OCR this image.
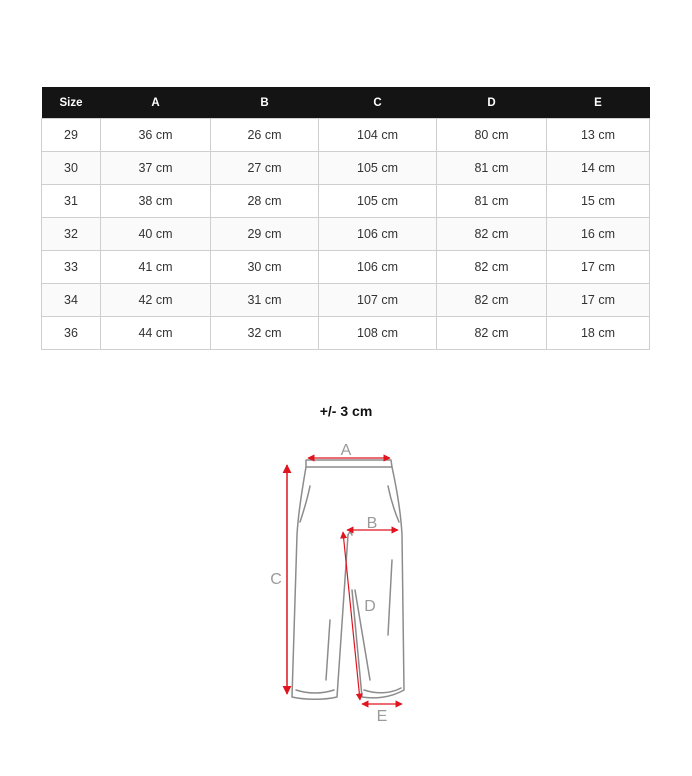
Size	A	B	C	D	E
29	36 cm	26 cm	104 cm	80 cm	13 cm
30	37 cm	27 cm	105 cm	81 cm	14 cm
31	38 cm	28 cm	105 cm	81 cm	15 cm
32	40 cm	29 cm	106 cm	82 cm	16 cm
33	41 cm	30 cm	106 cm	82 cm	17 cm
34	42 cm	31 cm	107 cm	82 cm	17 cm
36	44 cm	32 cm	108 cm	82 cm	18 cm
+/- 3 cm
A
B
C
D
E
